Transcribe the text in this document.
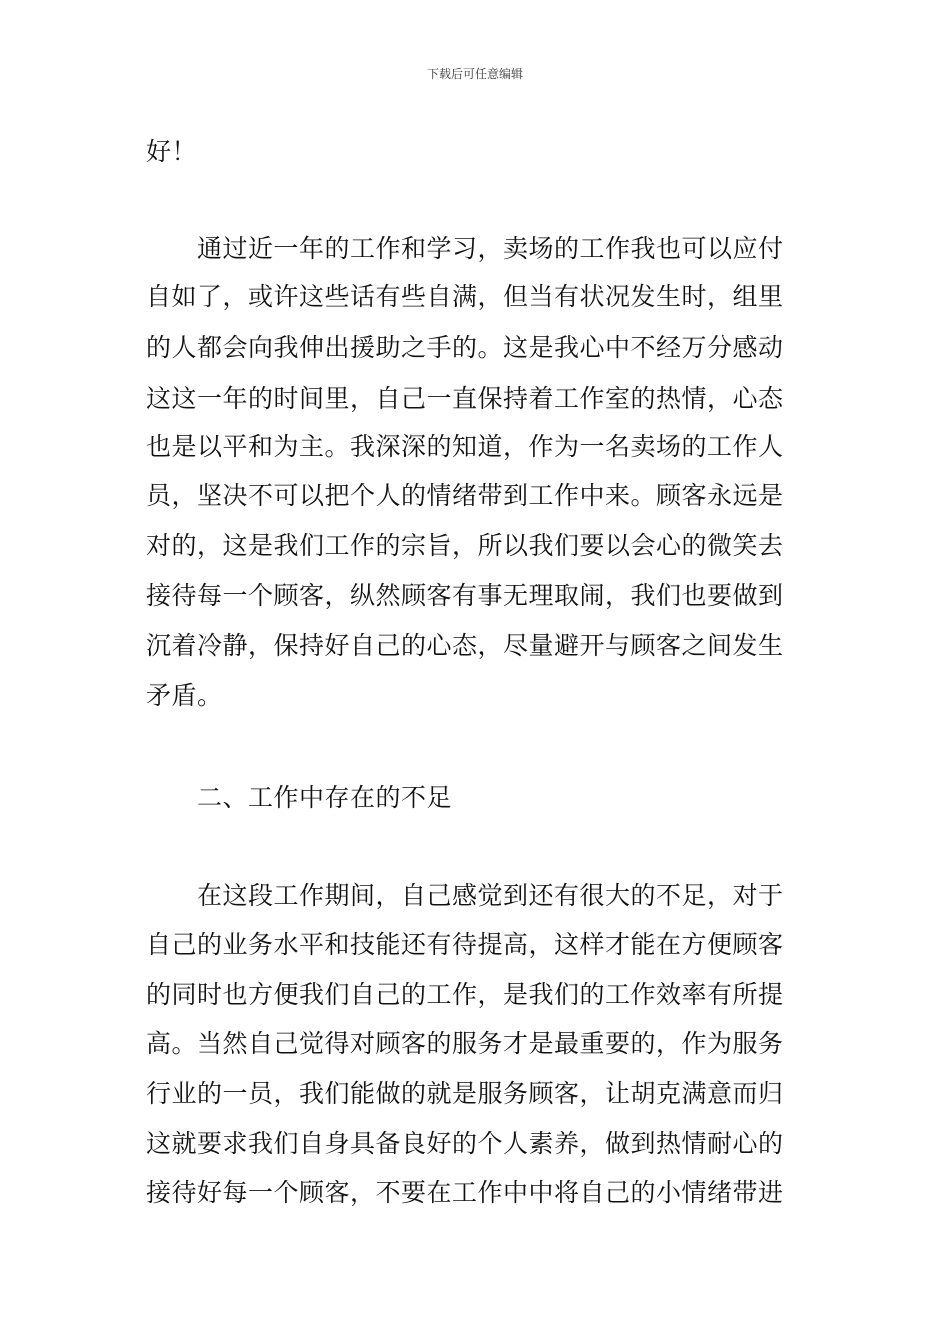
下载后可任意编辑
好！
通过近一年的工作和学习，卖场的工作我也可以应付
自如了，或许这些话有些自满，但当有状况发生时，组里
的人都会向我伸出援助之手的。这是我心中不经万分感动
这这一年的时间里，自己一直保持着工作室的热情，心态
也是以平和为主。我深深的知道，作为一名卖场的工作人
员，坚决不可以把个人的情绪带到工作中来。顾客永远是
对的，这是我们工作的宗旨，所以我们要以会心的微笑去
接待每一个顾客，纵然顾客有事无理取闹，我们也要做到
沉着冷静，保持好自己的心态，尽量避开与顾客之间发生
矛盾。
二、工作中存在的不足
在这段工作期间，自己感觉到还有很大的不足，对于
自己的业务水平和技能还有待提高，这样才能在方便顾客
的同时也方便我们自己的工作，是我们的工作效率有所提
高。当然自己觉得对顾客的服务才是最重要的，作为服务
行业的一员，我们能做的就是服务顾客，让胡克满意而归
这就要求我们自身具备良好的个人素养，做到热情耐心的
接待好每一个顾客，不要在工作中中将自己的小情绪带进
